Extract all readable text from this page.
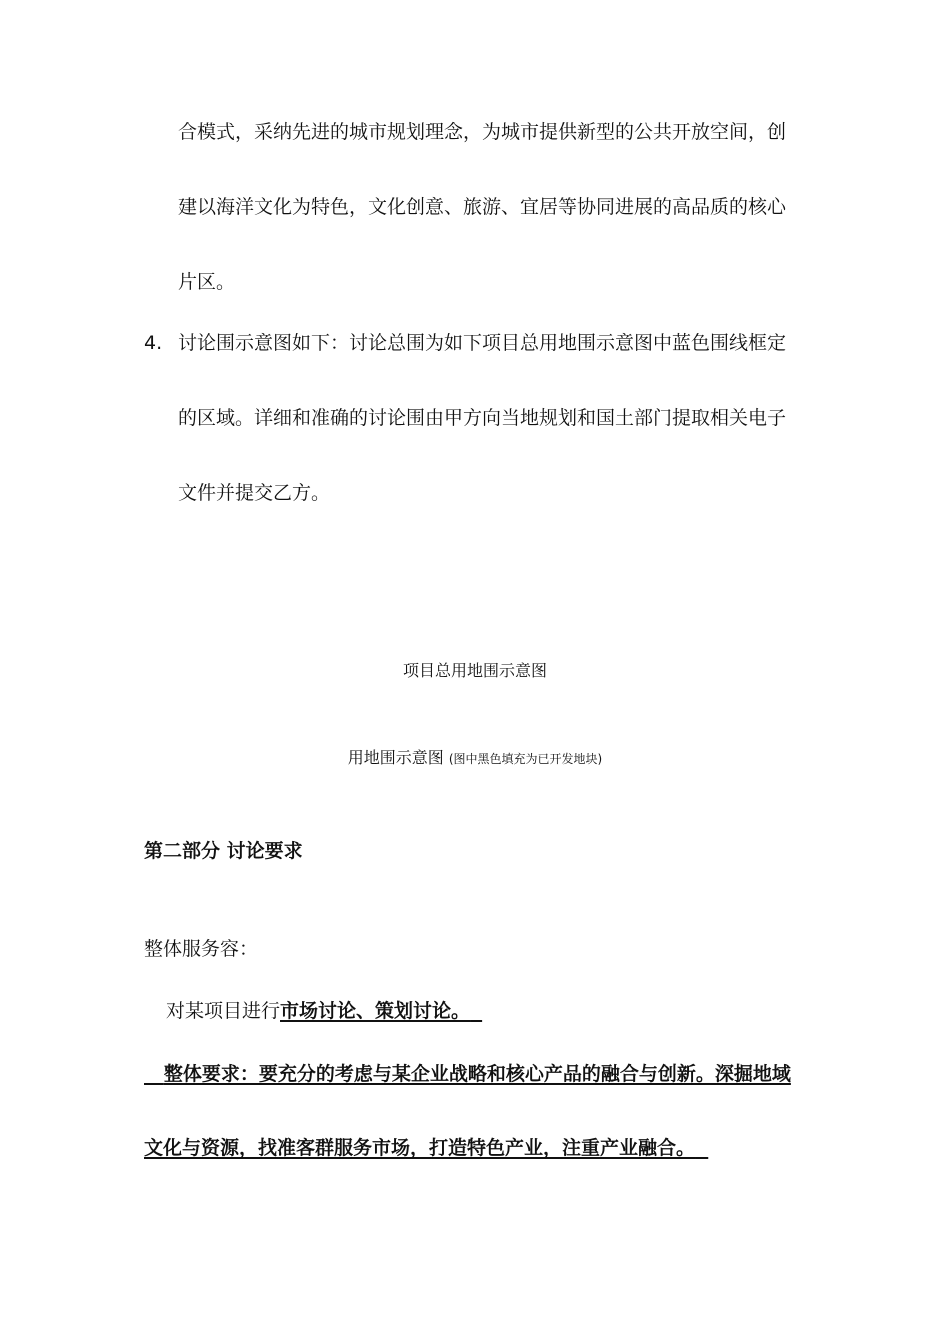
合模式，采纳先进的城市规划理念，为城市提供新型的公共开放空间，创
建以海洋文化为特色，文化创意、旅游、宜居等协同进展的高品质的核心
片区。
4. 讨论围示意图如下：讨论总围为如下项目总用地围示意图中蓝色围线框定
的区域。详细和准确的讨论围由甲方向当地规划和国土部门提取相关电子
文件并提交乙方。
项目总用地围示意图
用地围示意图 (图中黑色填充为已开发地块)
第二部分 讨论要求
整体服务容：
对某项目进行市场讨论、策划讨论。
整体要求：要充分的考虑与某企业战略和核心产品的融合与创新。深掘地域
文化与资源，找准客群服务市场，打造特色产业，注重产业融合。
